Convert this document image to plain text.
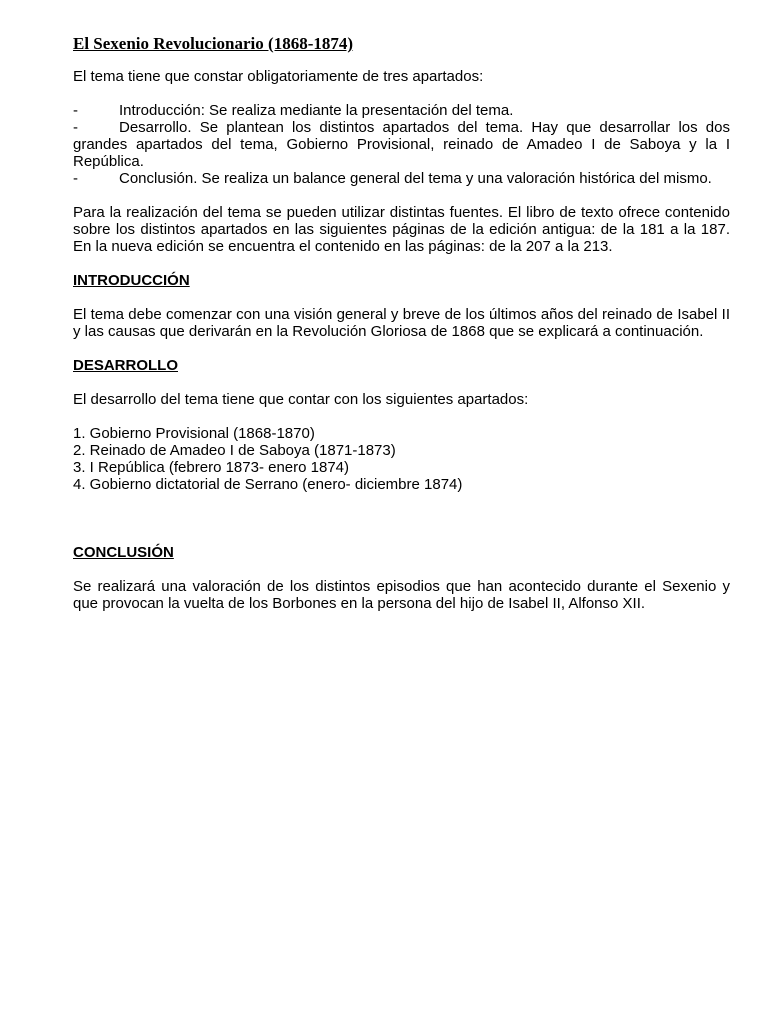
El Sexenio Revolucionario (1868-1874)

El tema tiene que constar obligatoriamente de tres apartados:

-	Introducción: Se realiza mediante la presentación del tema.

-	Desarrollo. Se plantean los distintos apartados del tema. Hay que desarrollar los dos grandes apartados del tema, Gobierno Provisional, reinado de Amadeo I de Saboya y la I República.

-	Conclusión. Se realiza un balance general del tema y una valoración histórica del mismo.

Para la realización del tema se pueden utilizar distintas fuentes. El libro de texto ofrece contenido sobre los distintos apartados en las siguientes páginas de la edición antigua: de la 181 a la 187. En la nueva edición se encuentra el contenido en las páginas: de la 207 a la 213.

INTRODUCCIÓN

El tema debe comenzar con una visión general y breve de los últimos años del reinado de Isabel II y las causas que derivarán en la Revolución Gloriosa de 1868 que se explicará a continuación.

DESARROLLO

El desarrollo del tema tiene que contar con los siguientes apartados:

1. Gobierno Provisional (1868-1870)

2. Reinado de Amadeo I de Saboya (1871-1873)

3. I República (febrero 1873- enero 1874)

4. Gobierno dictatorial de Serrano (enero- diciembre 1874)

CONCLUSIÓN

Se realizará una valoración de los distintos episodios que han acontecido durante el Sexenio y que provocan la vuelta de los Borbones en la persona del hijo de Isabel II, Alfonso XII.
